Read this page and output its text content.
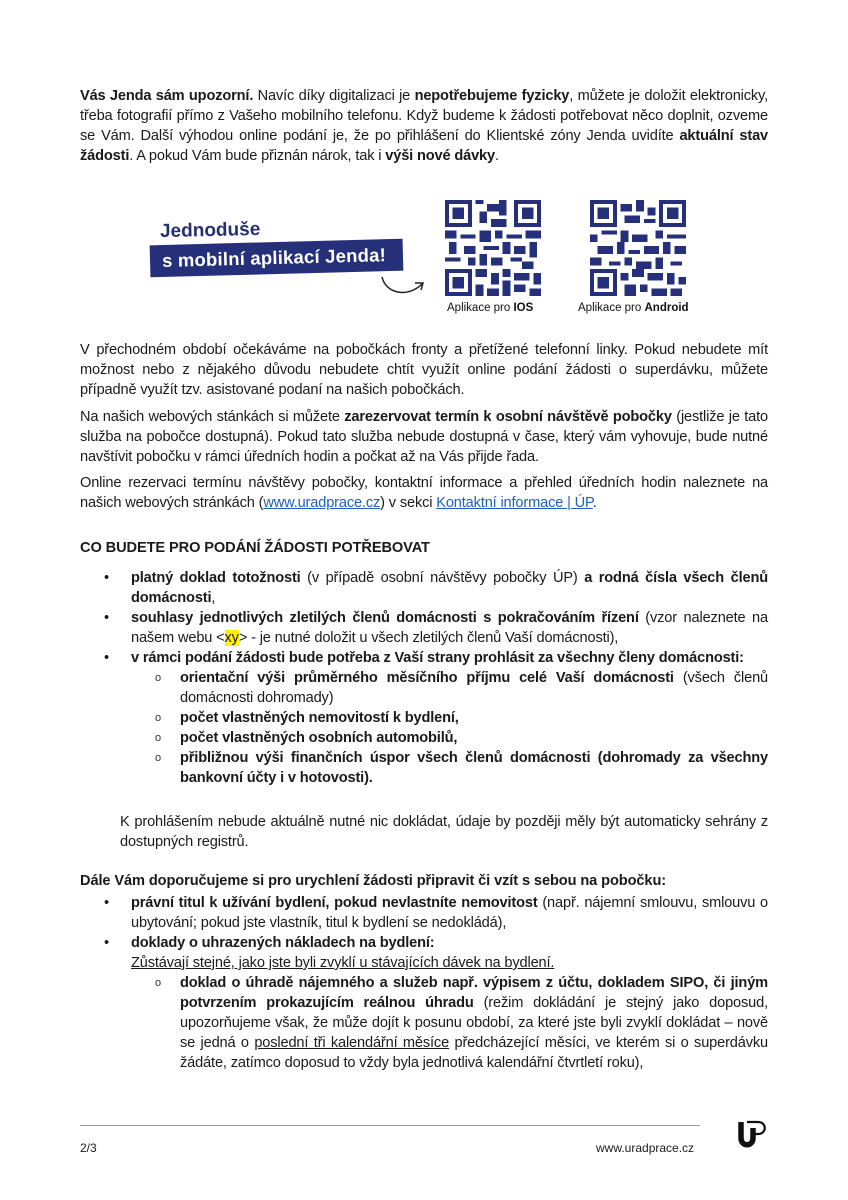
Vás Jenda sám upozorní. Navíc díky digitalizaci je nepotřebujeme fyzicky, můžete je doložit elektronicky, třeba fotografií přímo z Vašeho mobilního telefonu. Když budeme k žádosti potřebovat něco doplnit, ozveme se Vám. Další výhodou online podání je, že po přihlášení do Klientské zóny Jenda uvidíte aktuální stav žádosti. A pokud Vám bude přiznán nárok, tak i výši nové dávky.

Jednoduše
s mobilní aplikací Jenda!
Aplikace pro IOS	Aplikace pro Android

V přechodném období očekáváme na pobočkách fronty a přetížené telefonní linky. Pokud nebudete mít možnost nebo z nějakého důvodu nebudete chtít využít online podání žádosti o superdávku, můžete případně využít tzv. asistované podaní na našich pobočkách.

Na našich webových stánkách si můžete zarezervovat termín k osobní návštěvě pobočky (jestliže je tato služba na pobočce dostupná). Pokud tato služba nebude dostupná v čase, který vám vyhovuje, bude nutné navštívit pobočku v rámci úředních hodin a počkat až na Vás přijde řada.

Online rezervaci termínu návštěvy pobočky, kontaktní informace a přehled úředních hodin naleznete na našich webových stránkách (www.uradprace.cz) v sekci Kontaktní informace | ÚP.

CO BUDETE PRO PODÁNÍ ŽÁDOSTI POTŘEBOVAT
•	platný doklad totožnosti (v případě osobní návštěvy pobočky ÚP) a rodná čísla všech členů domácnosti,
•	souhlasy jednotlivých zletilých členů domácnosti s pokračováním řízení (vzor naleznete na našem webu <xy> - je nutné doložit u všech zletilých členů Vaší domácnosti),
•	v rámci podání žádosti bude potřeba z Vaší strany prohlásit za všechny členy domácnosti:
o orientační výši průměrného měsíčního příjmu celé Vaší domácnosti (všech členů domácnosti dohromady)
o počet vlastněných nemovitostí k bydlení,
o počet vlastněných osobních automobilů,
o přibližnou výši finančních úspor všech členů domácnosti (dohromady za všechny bankovní účty i v hotovosti).

K prohlášením nebude aktuálně nutné nic dokládat, údaje by později měly být automaticky sehrány z dostupných registrů.

Dále Vám doporučujeme si pro urychlení žádosti připravit či vzít s sebou na pobočku:
•	právní titul k užívání bydlení, pokud nevlastníte nemovitost (např. nájemní smlouvu, smlouvu o ubytování; pokud jste vlastník, titul k bydlení se nedokládá),
•	doklady o uhrazených nákladech na bydlení:
Zůstávají stejné, jako jste byli zvyklí u stávajících dávek na bydlení.
o doklad o úhradě nájemného a služeb např. výpisem z účtu, dokladem SIPO, či jiným potvrzením prokazujícím reálnou úhradu (režim dokládání je stejný jako doposud, upozorňujeme však, že může dojít k posunu období, za které jste byli zvyklí dokládat – nově se jedná o poslední tři kalendářní měsíce předcházející měsíci, ve kterém si o superdávku žádáte, zatímco doposud to vždy byla jednotlivá kalendářní čtvrtletí roku),
2/3	www.uradprace.cz
